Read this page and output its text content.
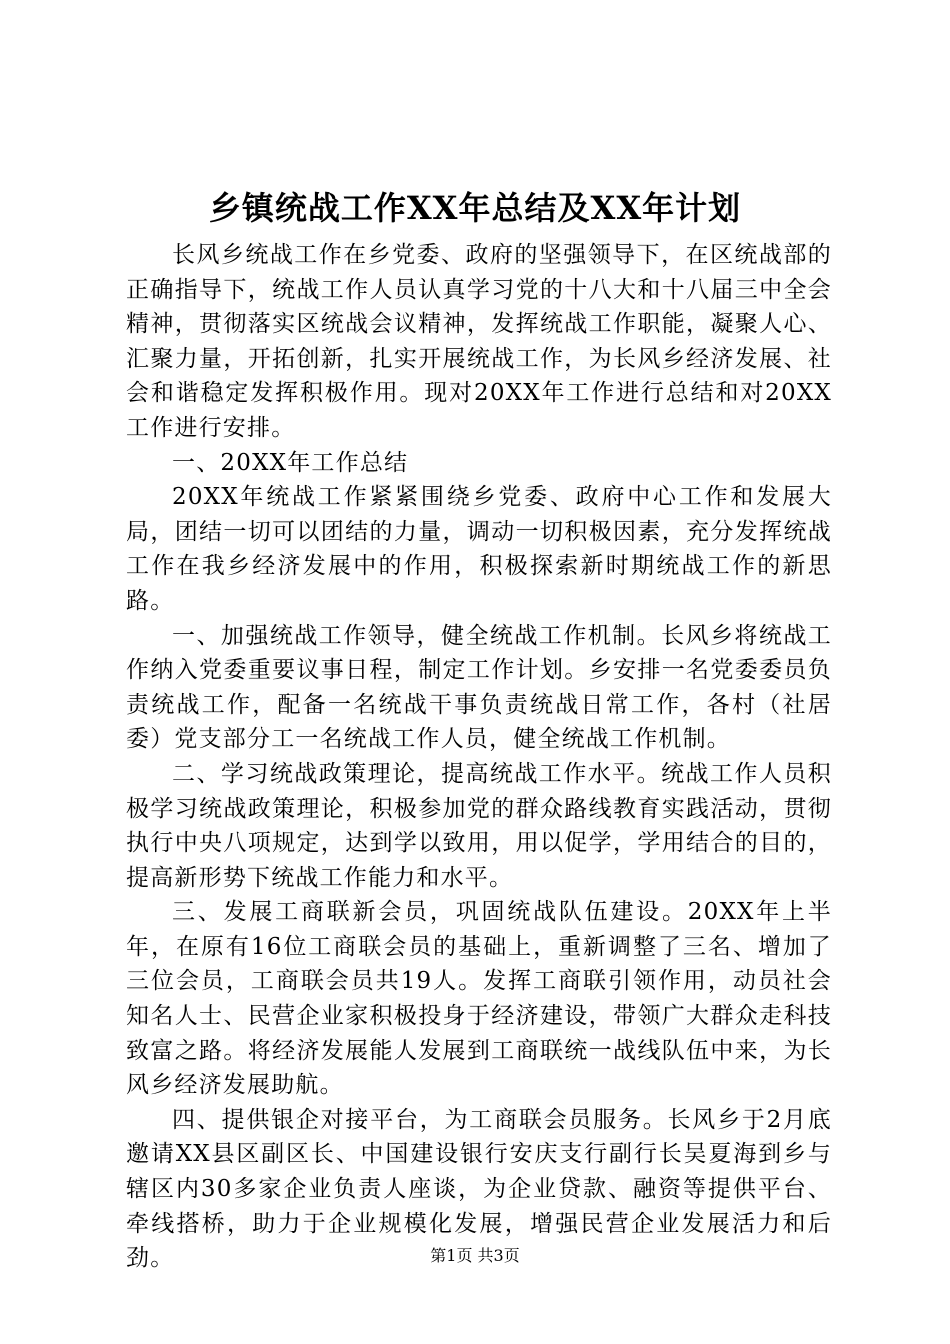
乡镇统战工作XX年总结及XX年计划

长风乡统战工作在乡党委、政府的坚强领导下，在区统战部的正确指导下，统战工作人员认真学习党的十八大和十八届三中全会精神，贯彻落实区统战会议精神，发挥统战工作职能，凝聚人心、汇聚力量，开拓创新，扎实开展统战工作，为长风乡经济发展、社会和谐稳定发挥积极作用。现对20XX年工作进行总结和对20XX工作进行安排。

一、20XX年工作总结

20XX年统战工作紧紧围绕乡党委、政府中心工作和发展大局，团结一切可以团结的力量，调动一切积极因素，充分发挥统战工作在我乡经济发展中的作用，积极探索新时期统战工作的新思路。

一、加强统战工作领导，健全统战工作机制。长风乡将统战工作纳入党委重要议事日程，制定工作计划。乡安排一名党委委员负责统战工作，配备一名统战干事负责统战日常工作，各村（社居委）党支部分工一名统战工作人员，健全统战工作机制。

二、学习统战政策理论，提高统战工作水平。统战工作人员积极学习统战政策理论，积极参加党的群众路线教育实践活动，贯彻执行中央八项规定，达到学以致用，用以促学，学用结合的目的，提高新形势下统战工作能力和水平。

三、发展工商联新会员，巩固统战队伍建设。20XX年上半年，在原有16位工商联会员的基础上，重新调整了三名、增加了三位会员，工商联会员共19人。发挥工商联引领作用，动员社会知名人士、民营企业家积极投身于经济建设，带领广大群众走科技致富之路。将经济发展能人发展到工商联统一战线队伍中来，为长风乡经济发展助航。

四、提供银企对接平台，为工商联会员服务。长风乡于2月底邀请XX县区副区长、中国建设银行安庆支行副行长吴夏海到乡与辖区内30多家企业负责人座谈，为企业贷款、融资等提供平台、牵线搭桥，助力于企业规模化发展，增强民营企业发展活力和后劲。	第1页 共3页
